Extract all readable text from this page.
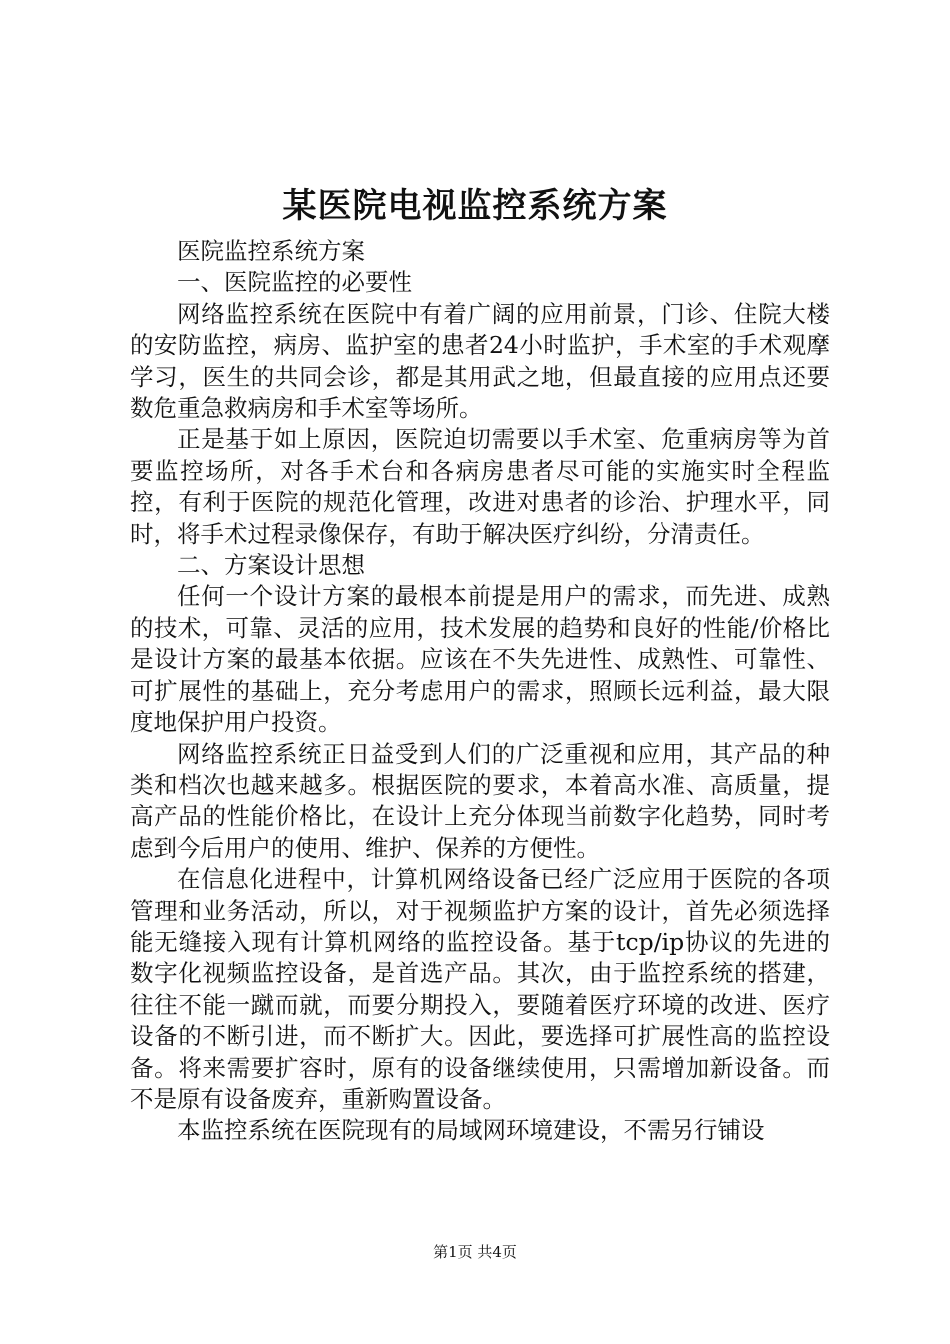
某医院电视监控系统方案

医院监控系统方案

一、医院监控的必要性

网络监控系统在医院中有着广阔的应用前景，门诊、住院大楼的安防监控，病房、监护室的患者24小时监护，手术室的手术观摩学习，医生的共同会诊，都是其用武之地，但最直接的应用点还要数危重急救病房和手术室等场所。

正是基于如上原因，医院迫切需要以手术室、危重病房等为首要监控场所，对各手术台和各病房患者尽可能的实施实时全程监控，有利于医院的规范化管理，改进对患者的诊治、护理水平，同时，将手术过程录像保存，有助于解决医疗纠纷，分清责任。

二、方案设计思想

任何一个设计方案的最根本前提是用户的需求，而先进、成熟的技术，可靠、灵活的应用，技术发展的趋势和良好的性能/价格比是设计方案的最基本依据。应该在不失先进性、成熟性、可靠性、可扩展性的基础上，充分考虑用户的需求，照顾长远利益，最大限度地保护用户投资。

网络监控系统正日益受到人们的广泛重视和应用，其产品的种类和档次也越来越多。根据医院的要求，本着高水准、高质量，提高产品的性能价格比，在设计上充分体现当前数字化趋势，同时考虑到今后用户的使用、维护、保养的方便性。

在信息化进程中，计算机网络设备已经广泛应用于医院的各项管理和业务活动，所以，对于视频监护方案的设计，首先必须选择能无缝接入现有计算机网络的监控设备。基于tcp/ip协议的先进的数字化视频监控设备，是首选产品。其次，由于监控系统的搭建，往往不能一蹴而就，而要分期投入，要随着医疗环境的改进、医疗设备的不断引进，而不断扩大。因此，要选择可扩展性高的监控设备。将来需要扩容时，原有的设备继续使用，只需增加新设备。而不是原有设备废弃，重新购置设备。

本监控系统在医院现有的局域网环境建设，不需另行铺设

第1页 共4页
